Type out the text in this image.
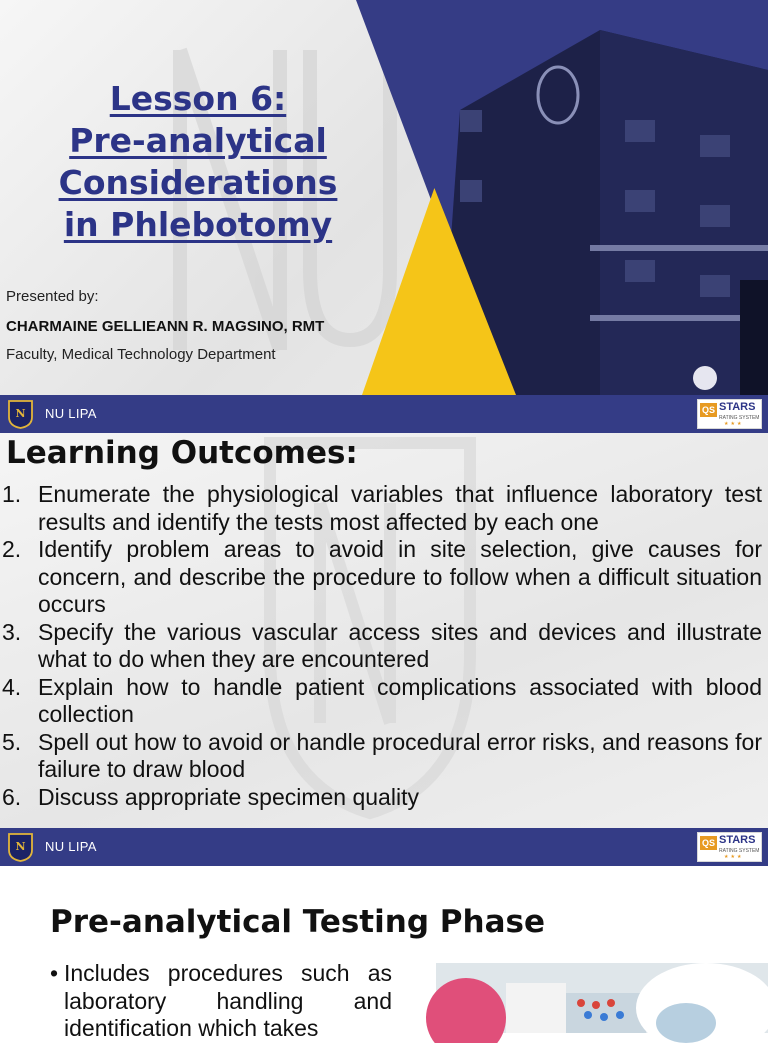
Lesson 6:
Pre-analytical
Considerations
in Phlebotomy
Presented by:
CHARMAINE GELLIEANN R. MAGSINO, RMT
Faculty, Medical Technology Department
N NU LIPA	QS STARS
RATING SYSTEM
★★★
Learning Outcomes:
1. Enumerate the physiological variables that influence laboratory test results and identify the tests most affected by each one
2. Identify problem areas to avoid in site selection, give causes for concern, and describe the procedure to follow when a difficult situation occurs
3. Specify the various vascular access sites and devices and illustrate what to do when they are encountered
4. Explain how to handle patient complications associated with blood collection
5. Spell out how to avoid or handle procedural error risks, and reasons for failure to draw blood
6. Discuss appropriate specimen quality
N NU LIPA	QS STARS
RATING SYSTEM
★★★
Pre-analytical Testing Phase
• Includes procedures such as laboratory handling and identification which takes
